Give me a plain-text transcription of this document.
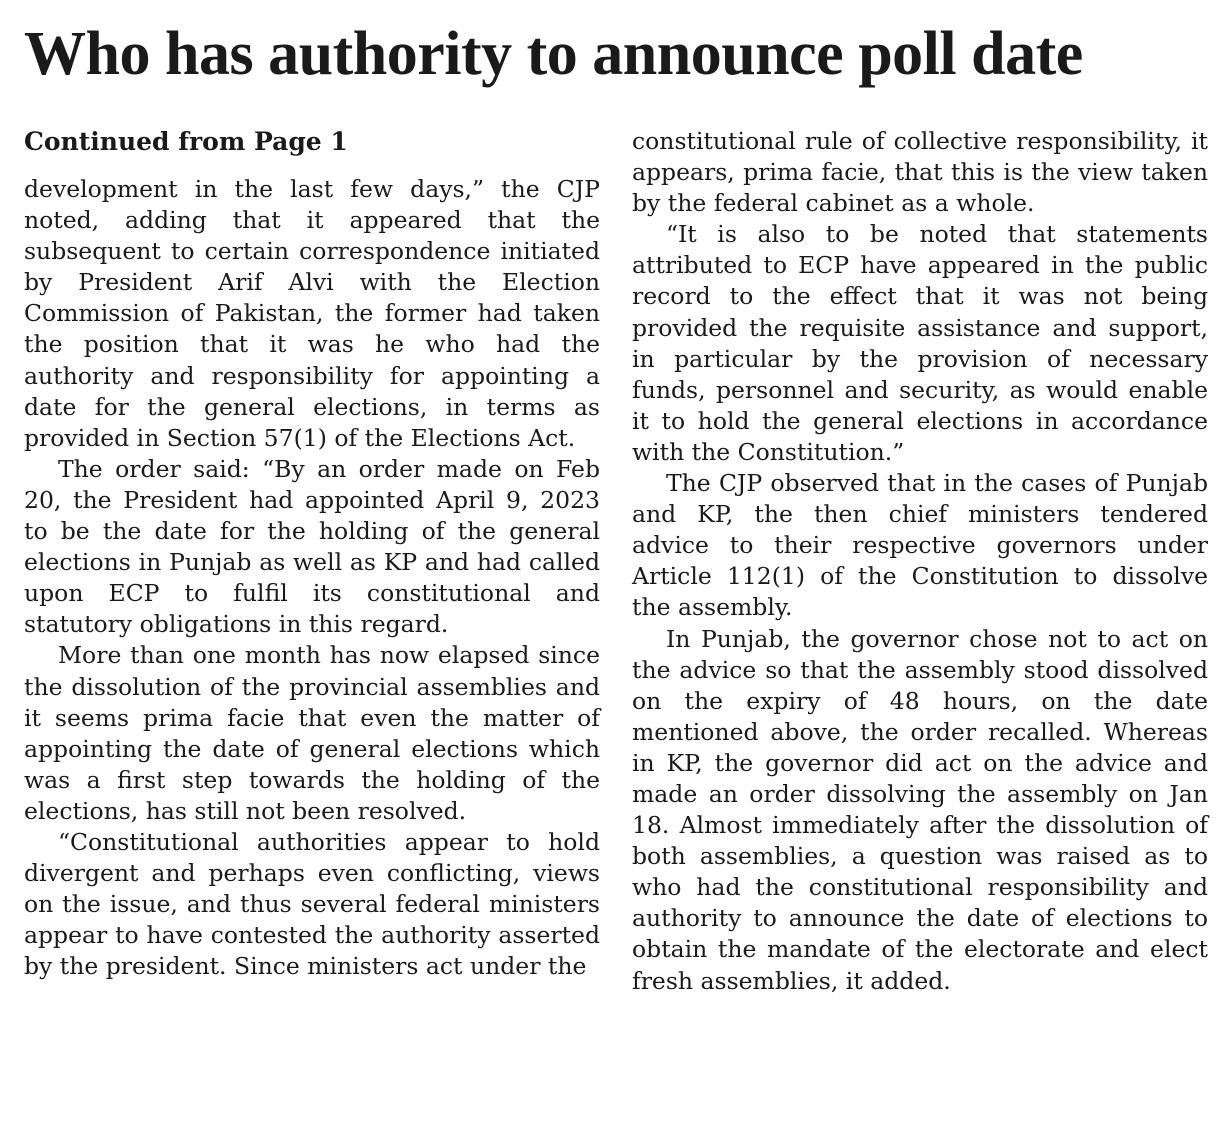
Who has authority to announce poll date
Continued from Page 1

development in the last few days,” the CJP noted, adding that it appeared that the subsequent to certain correspondence initiated by President Arif Alvi with the Election Commission of Pakistan, the former had taken the position that it was he who had the authority and responsibility for appointing a date for the general elections, in terms as provided in Section 57(1) of the Elections Act.

The order said: “By an order made on Feb 20, the President had appointed April 9, 2023 to be the date for the holding of the general elections in Punjab as well as KP and had called upon ECP to fulfil its constitutional and statutory obligations in this regard.

More than one month has now elapsed since the dissolution of the provincial assemblies and it seems prima facie that even the matter of appointing the date of general elections which was a first step towards the holding of the elections, has still not been resolved.

“Constitutional authorities appear to hold divergent and perhaps even conflicting, views on the issue, and thus several federal ministers appear to have contested the authority asserted by the president. Since ministers act under the

constitutional rule of collective responsibility, it appears, prima facie, that this is the view taken by the federal cabinet as a whole.

“It is also to be noted that statements attributed to ECP have appeared in the public record to the effect that it was not being provided the requisite assistance and support, in particular by the provision of necessary funds, personnel and security, as would enable it to hold the general elections in accordance with the Constitution.”

The CJP observed that in the cases of Punjab and KP, the then chief ministers tendered advice to their respective governors under Article 112(1) of the Constitution to dissolve the assembly.

In Punjab, the governor chose not to act on the advice so that the assembly stood dissolved on the expiry of 48 hours, on the date mentioned above, the order recalled. Whereas in KP, the governor did act on the advice and made an order dissolving the assembly on Jan 18. Almost immediately after the dissolution of both assemblies, a question was raised as to who had the constitutional responsibility and authority to announce the date of elections to obtain the mandate of the electorate and elect fresh assemblies, it added.
